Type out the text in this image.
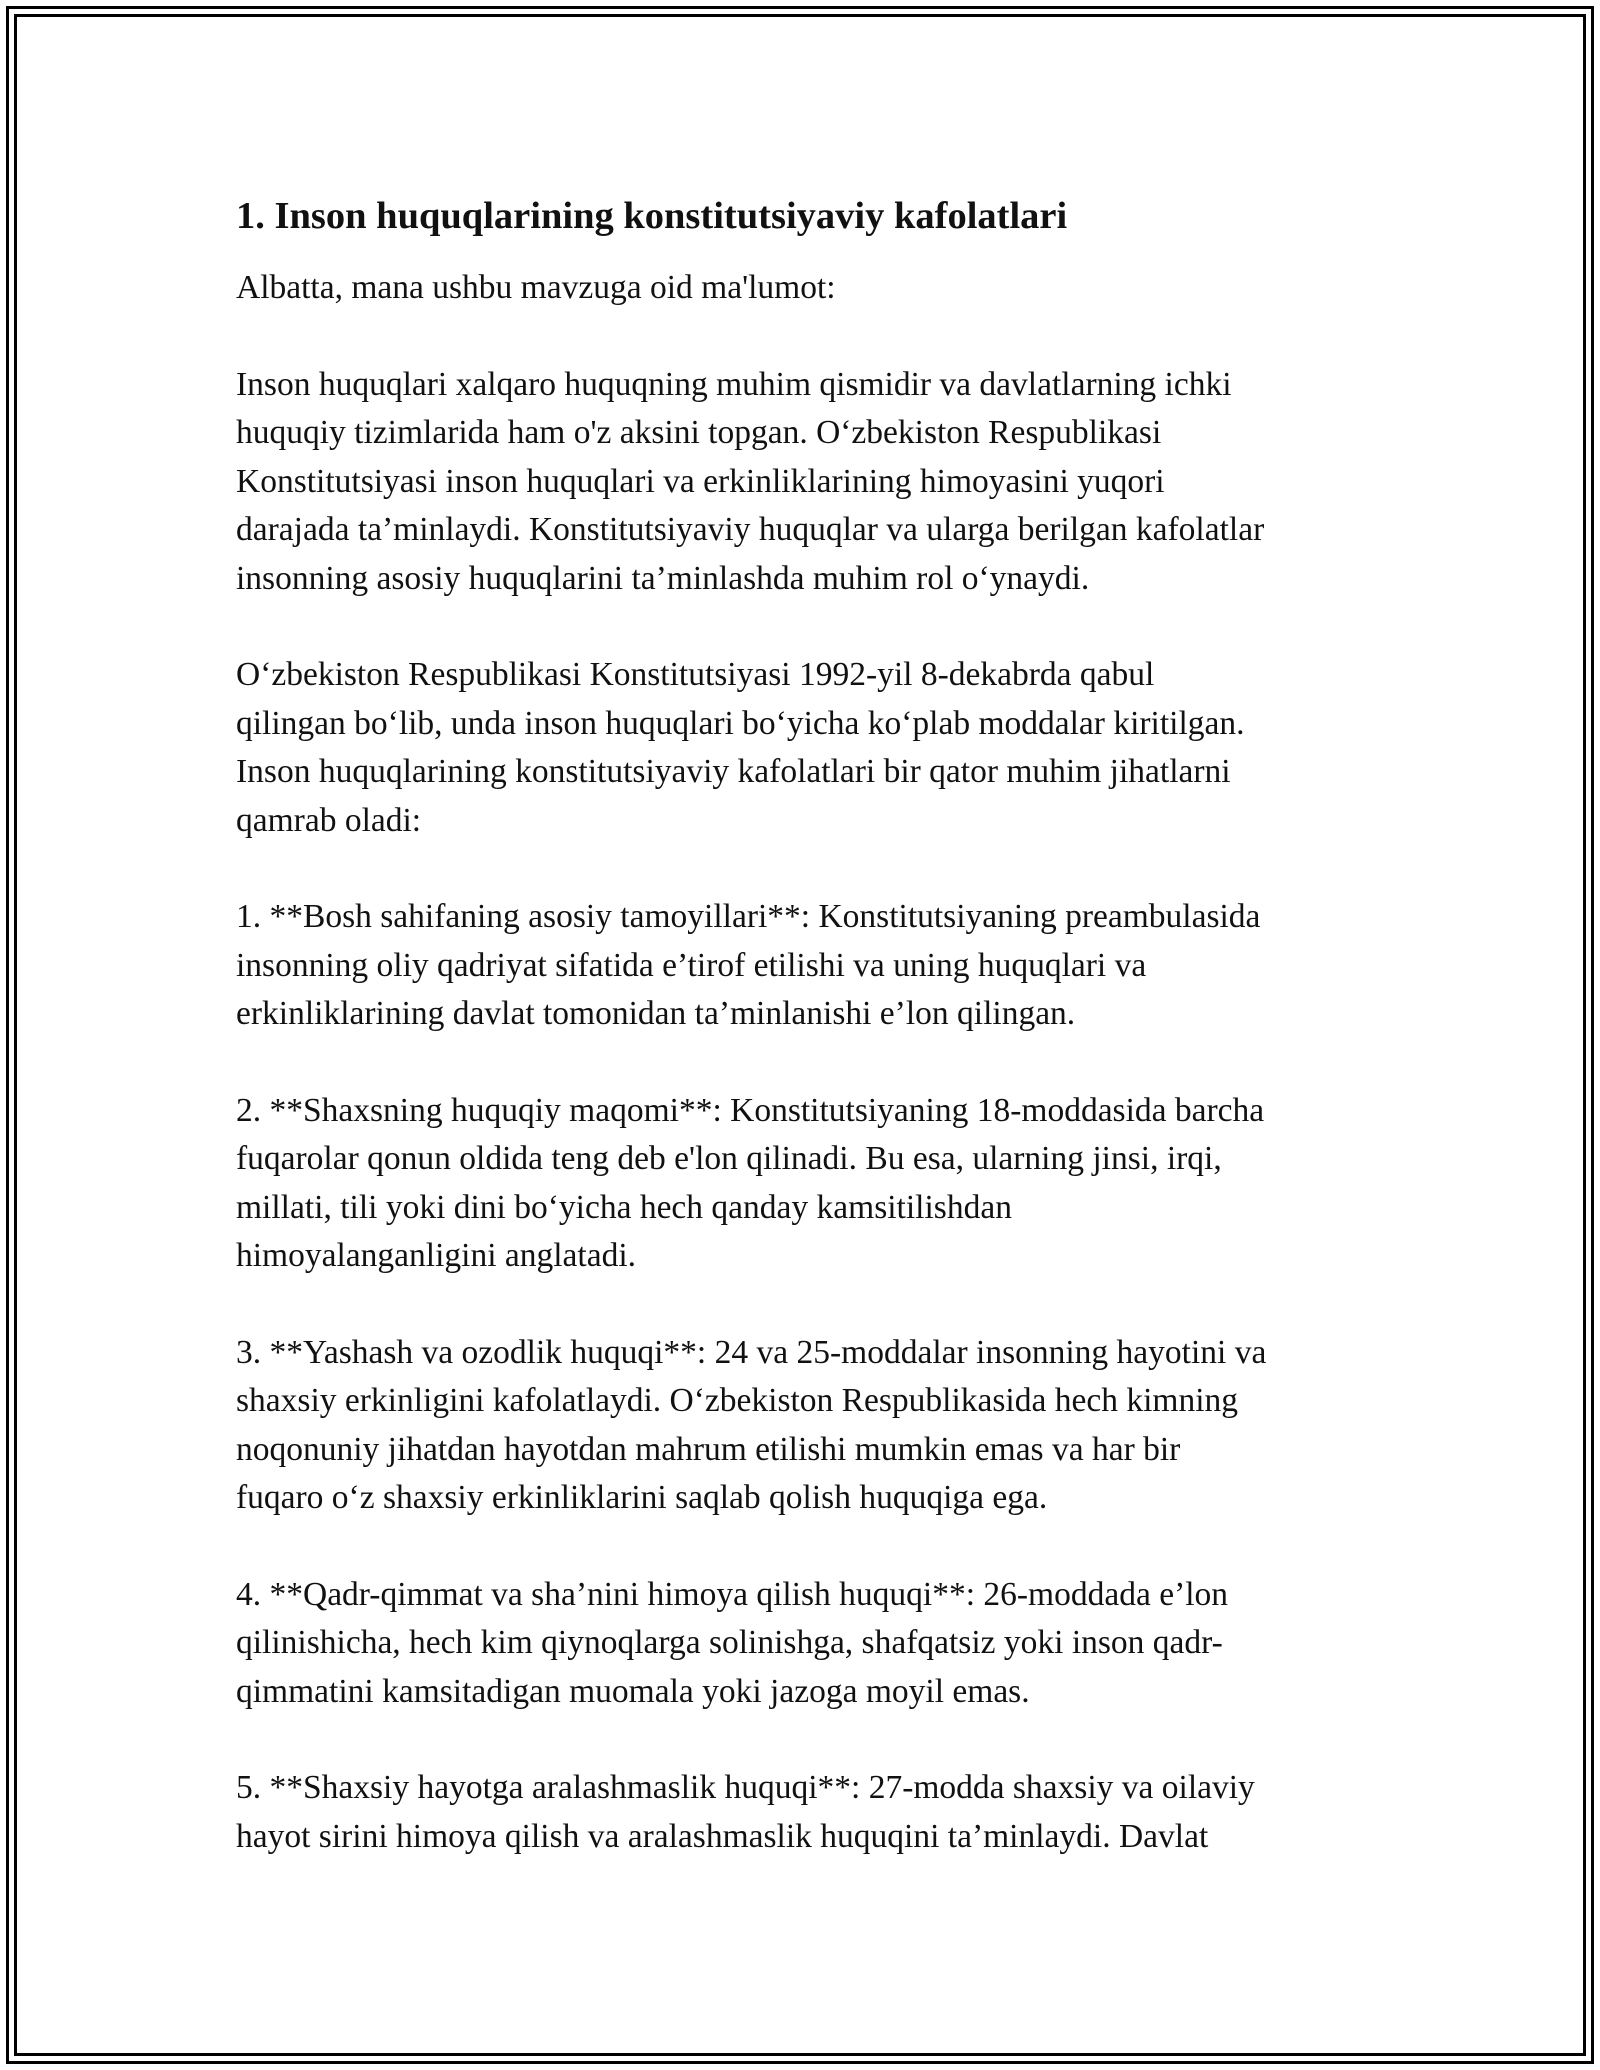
1. Inson huquqlarining konstitutsiyaviy kafolatlari

Albatta, mana ushbu mavzuga oid ma'lumot:

Inson huquqlari xalqaro huquqning muhim qismidir va davlatlarning ichki
huquqiy tizimlarida ham o'z aksini topgan. O‘zbekiston Respublikasi
Konstitutsiyasi inson huquqlari va erkinliklarining himoyasini yuqori
darajada ta’minlaydi. Konstitutsiyaviy huquqlar va ularga berilgan kafolatlar
insonning asosiy huquqlarini ta’minlashda muhim rol o‘ynaydi.

O‘zbekiston Respublikasi Konstitutsiyasi 1992-yil 8-dekabrda qabul
qilingan bo‘lib, unda inson huquqlari bo‘yicha ko‘plab moddalar kiritilgan.
Inson huquqlarining konstitutsiyaviy kafolatlari bir qator muhim jihatlarni
qamrab oladi:

1. **Bosh sahifaning asosiy tamoyillari**: Konstitutsiyaning preambulasida
insonning oliy qadriyat sifatida e’tirof etilishi va uning huquqlari va
erkinliklarining davlat tomonidan ta’minlanishi e’lon qilingan.

2. **Shaxsning huquqiy maqomi**: Konstitutsiyaning 18-moddasida barcha
fuqarolar qonun oldida teng deb e'lon qilinadi. Bu esa, ularning jinsi, irqi,
millati, tili yoki dini bo‘yicha hech qanday kamsitilishdan
himoyalanganligini anglatadi.

3. **Yashash va ozodlik huquqi**: 24 va 25-moddalar insonning hayotini va
shaxsiy erkinligini kafolatlaydi. O‘zbekiston Respublikasida hech kimning
noqonuniy jihatdan hayotdan mahrum etilishi mumkin emas va har bir
fuqaro o‘z shaxsiy erkinliklarini saqlab qolish huquqiga ega.

4. **Qadr-qimmat va sha’nini himoya qilish huquqi**: 26-moddada e’lon
qilinishicha, hech kim qiynoqlarga solinishga, shafqatsiz yoki inson qadr-
qimmatini kamsitadigan muomala yoki jazoga moyil emas.

5. **Shaxsiy hayotga aralashmaslik huquqi**: 27-modda shaxsiy va oilaviy
hayot sirini himoya qilish va aralashmaslik huquqini ta’minlaydi. Davlat
